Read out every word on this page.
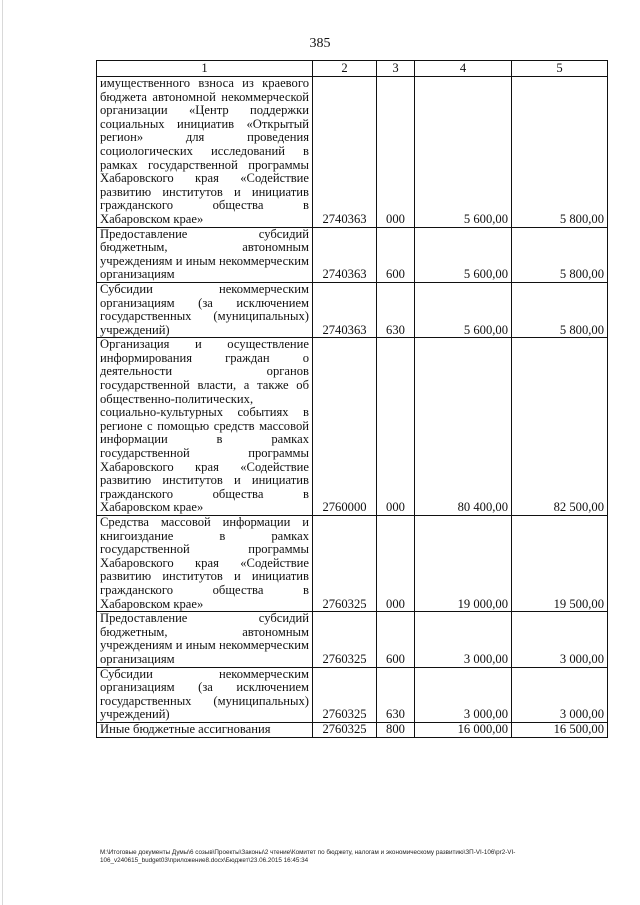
385
1	2	3	4	5
имущественного взноса из краевого бюджета автономной некоммерческой организации «Центр поддержки социальных инициатив «Открытый регион» для проведения социологических исследований в рамках государственной программы Хабаровского края «Содействие развитию институтов и инициатив гражданского общества в Хабаровском крае»	2740363	000	5 600,00	5 800,00
Предоставление субсидий бюджетным, автономным учреждениям и иным некоммерческим организациям	2740363	600	5 600,00	5 800,00
Субсидии некоммерческим организациям (за исключением государственных (муниципальных) учреждений)	2740363	630	5 600,00	5 800,00
Организация и осуществление информирования граждан о деятельности органов государственной власти, а также об общественно-политических, социально-культурных событиях в регионе с помощью средств массовой информации в рамках государственной программы Хабаровского края «Содействие развитию институтов и инициатив гражданского общества в Хабаровском крае»	2760000	000	80 400,00	82 500,00
Средства массовой информации и книгоиздание в рамках государственной программы Хабаровского края «Содействие развитию институтов и инициатив гражданского общества в Хабаровском крае»	2760325	000	19 000,00	19 500,00
Предоставление субсидий бюджетным, автономным учреждениям и иным некоммерческим организациям	2760325	600	3 000,00	3 000,00
Субсидии некоммерческим организациям (за исключением государственных (муниципальных) учреждений)	2760325	630	3 000,00	3 000,00
Иные бюджетные ассигнования	2760325	800	16 000,00	16 500,00
M:\Итоговые документы Думы\6 созыв\Проекты\Законы\2 чтение\Комитет по бюджету, налогам и экономическому развитию\ЗП-VI-106\pr2-VI-106_v240615_budget03\приложение8.docx\Бюджет\23.06.2015 16:45:34
